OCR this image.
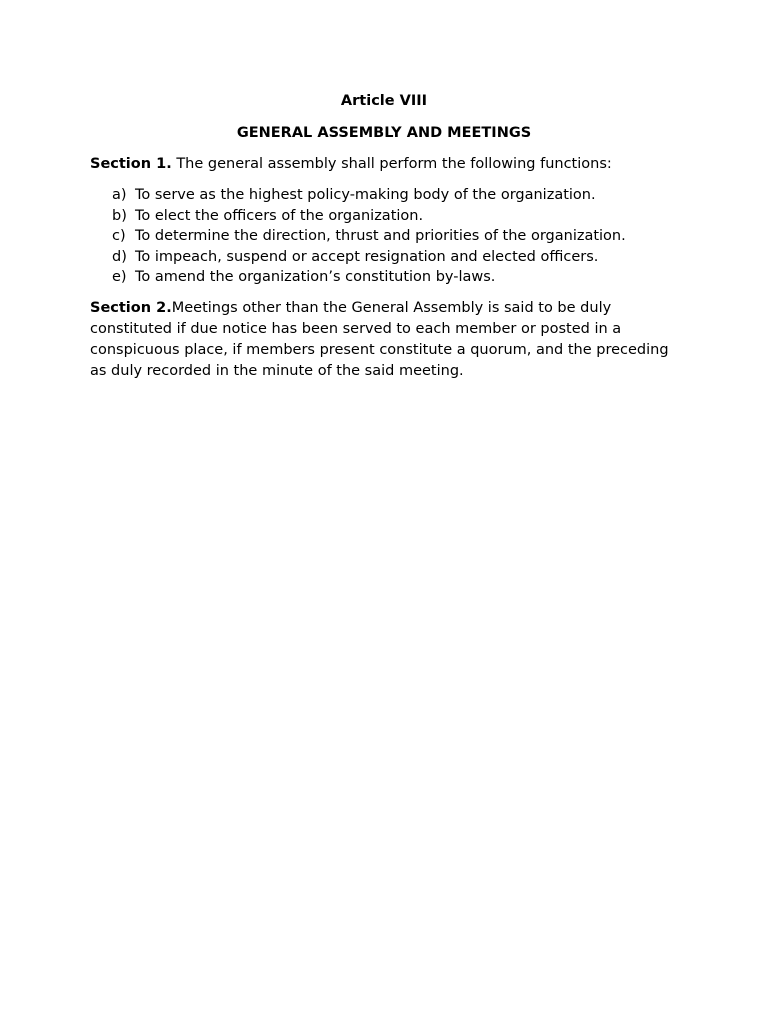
Article VIII

GENERAL ASSEMBLY AND MEETINGS

Section 1. The general assembly shall perform the following functions:

a) To serve as the highest policy-making body of the organization.
b) To elect the officers of the organization.
c) To determine the direction, thrust and priorities of the organization.
d) To impeach, suspend or accept resignation and elected officers.
e) To amend the organization’s constitution by-laws.

Section 2.Meetings other than the General Assembly is said to be duly constituted if due notice has been served to each member or posted in a conspicuous place, if members present constitute a quorum, and the preceding as duly recorded in the minute of the said meeting.
